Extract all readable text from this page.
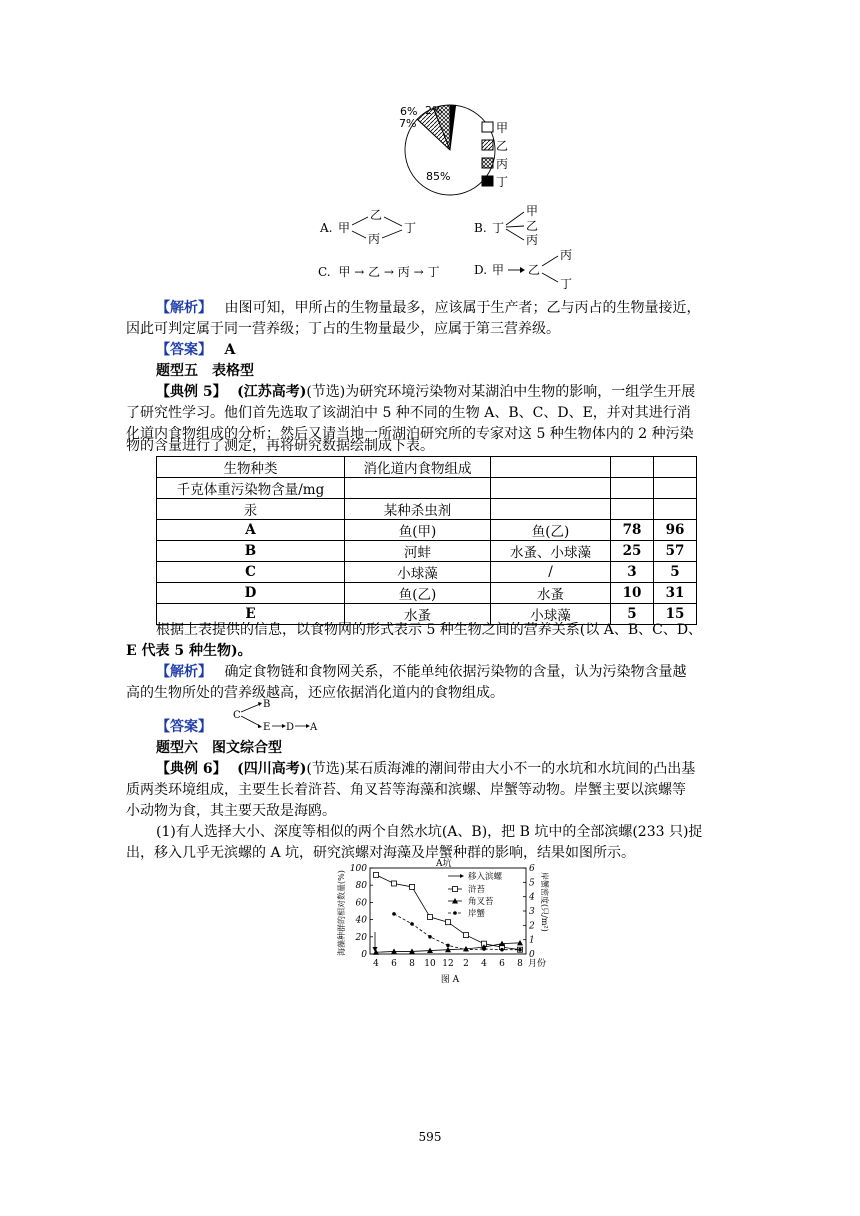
7%
6% 2%
85%
甲
乙
丙
丁
A. 甲
乙
丙
丁	B. 丁
甲
乙
丙
C. 甲 → 乙 → 丙 → 丁	D. 甲 乙
丙
丁
【解析】 由图可知，甲所占的生物量最多，应该属于生产者；乙与丙占的生物量接近，
因此可判定属于同一营养级；丁占的生物量最少，应属于第三营养级。
【答案】 A
题型五　表格型
【典例 5】 (江苏高考)(节选)为研究环境污染物对某湖泊中生物的影响，一组学生开展
了研究性学习。他们首先选取了该湖泊中 5 种不同的生物 A、B、C、D、E，并对其进行消
化道内食物组成的分析；然后又请当地一所湖泊研究所的专家对这 5 种生物体内的 2 种污染
物的含量进行了测定，再将研究数据绘制成下表。
生物种类	消化道内食物组成			
千克体重污染物含量/mg				
汞	某种杀虫剂			
A	鱼(甲)	鱼(乙)	78	96
B	河蚌	水蚤、小球藻	25	57
C	小球藻	/	3	5
D	鱼(乙)	水蚤	10	31
E	水蚤	小球藻	5	15
根据上表提供的信息，以食物网的形式表示 5 种生物之间的营养关系(以 A、B、C、D、
E 代表 5 种生物)。
【解析】 确定食物链和食物网关系，不能单纯依据污染物的含量，认为污染物含量越
高的生物所处的营养级越高，还应依据消化道内的食物组成。
【答案】
C
B
E D A
题型六　图文综合型
【典例 6】 (四川高考)(节选)某石质海滩的潮间带由大小不一的水坑和水坑间的凸出基
质两类环境组成，主要生长着浒苔、角叉苔等海藻和滨螺、岸蟹等动物。岸蟹主要以滨螺等
小动物为食，其主要天敌是海鸥。
(1)有人选择大小、深度等相似的两个自然水坑(A、B)，把 B 坑中的全部滨螺(233 只)捉
出，移入几乎无滨螺的 A 坑，研究滨螺对海藻及岸蟹种群的影响，结果如图所示。
0
20
40
60
80
100
0
1
2
3
4
5
6
4 6 8 10 12 2 4 6 8 月份
A坑
图 A
海藻种群的相对数量(%)	岸蟹密度(只/m²)
移入滨螺
浒苔
角叉苔
岸蟹
595
